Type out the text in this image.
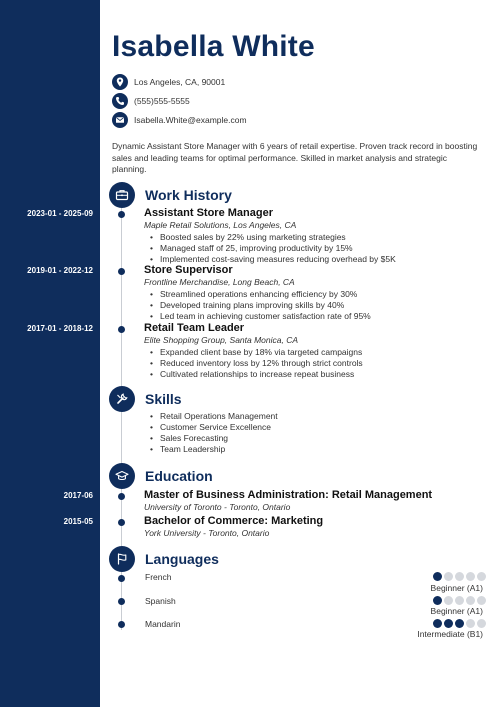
Isabella White
Los Angeles, CA, 90001
(555)555-5555
Isabella.White@example.com
Dynamic Assistant Store Manager with 6 years of retail expertise. Proven track record in boosting sales and leading teams for optimal performance. Skilled in market analysis and strategic planning.
Work History
2023-01 - 2025-09	Assistant Store Manager
Maple Retail Solutions, Los Angeles, CA
• Boosted sales by 22% using marketing strategies
• Managed staff of 25, improving productivity by 15%
• Implemented cost-saving measures reducing overhead by $5K
2019-01 - 2022-12	Store Supervisor
Frontline Merchandise, Long Beach, CA
• Streamlined operations enhancing efficiency by 30%
• Developed training plans improving skills by 40%
• Led team in achieving customer satisfaction rate of 95%
2017-01 - 2018-12	Retail Team Leader
Elite Shopping Group, Santa Monica, CA
• Expanded client base by 18% via targeted campaigns
• Reduced inventory loss by 12% through strict controls
• Cultivated relationships to increase repeat business
Skills
• Retail Operations Management
• Customer Service Excellence
• Sales Forecasting
• Team Leadership
Education
2017-06	Master of Business Administration: Retail Management
University of Toronto - Toronto, Ontario
2015-05	Bachelor of Commerce: Marketing
York University - Toronto, Ontario
Languages
French
Beginner (A1)
Spanish
Beginner (A1)
Mandarin
Intermediate (B1)
